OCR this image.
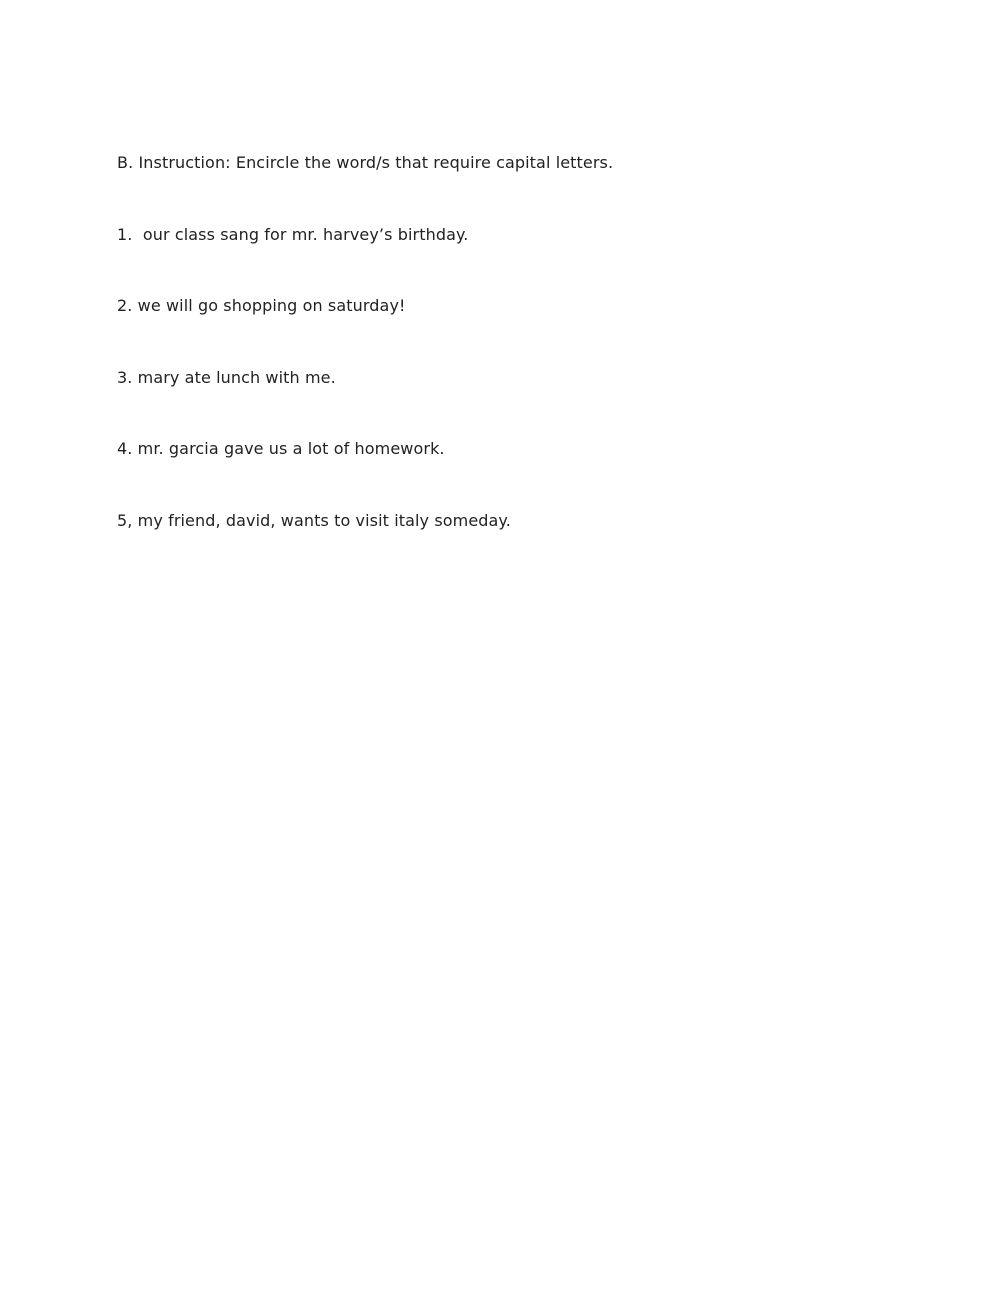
B. Instruction: Encircle the word/s that require capital letters.
1.  our class sang for mr. harvey’s birthday.
2. we will go shopping on saturday!
3. mary ate lunch with me.
4. mr. garcia gave us a lot of homework.
5, my friend, david, wants to visit italy someday.
